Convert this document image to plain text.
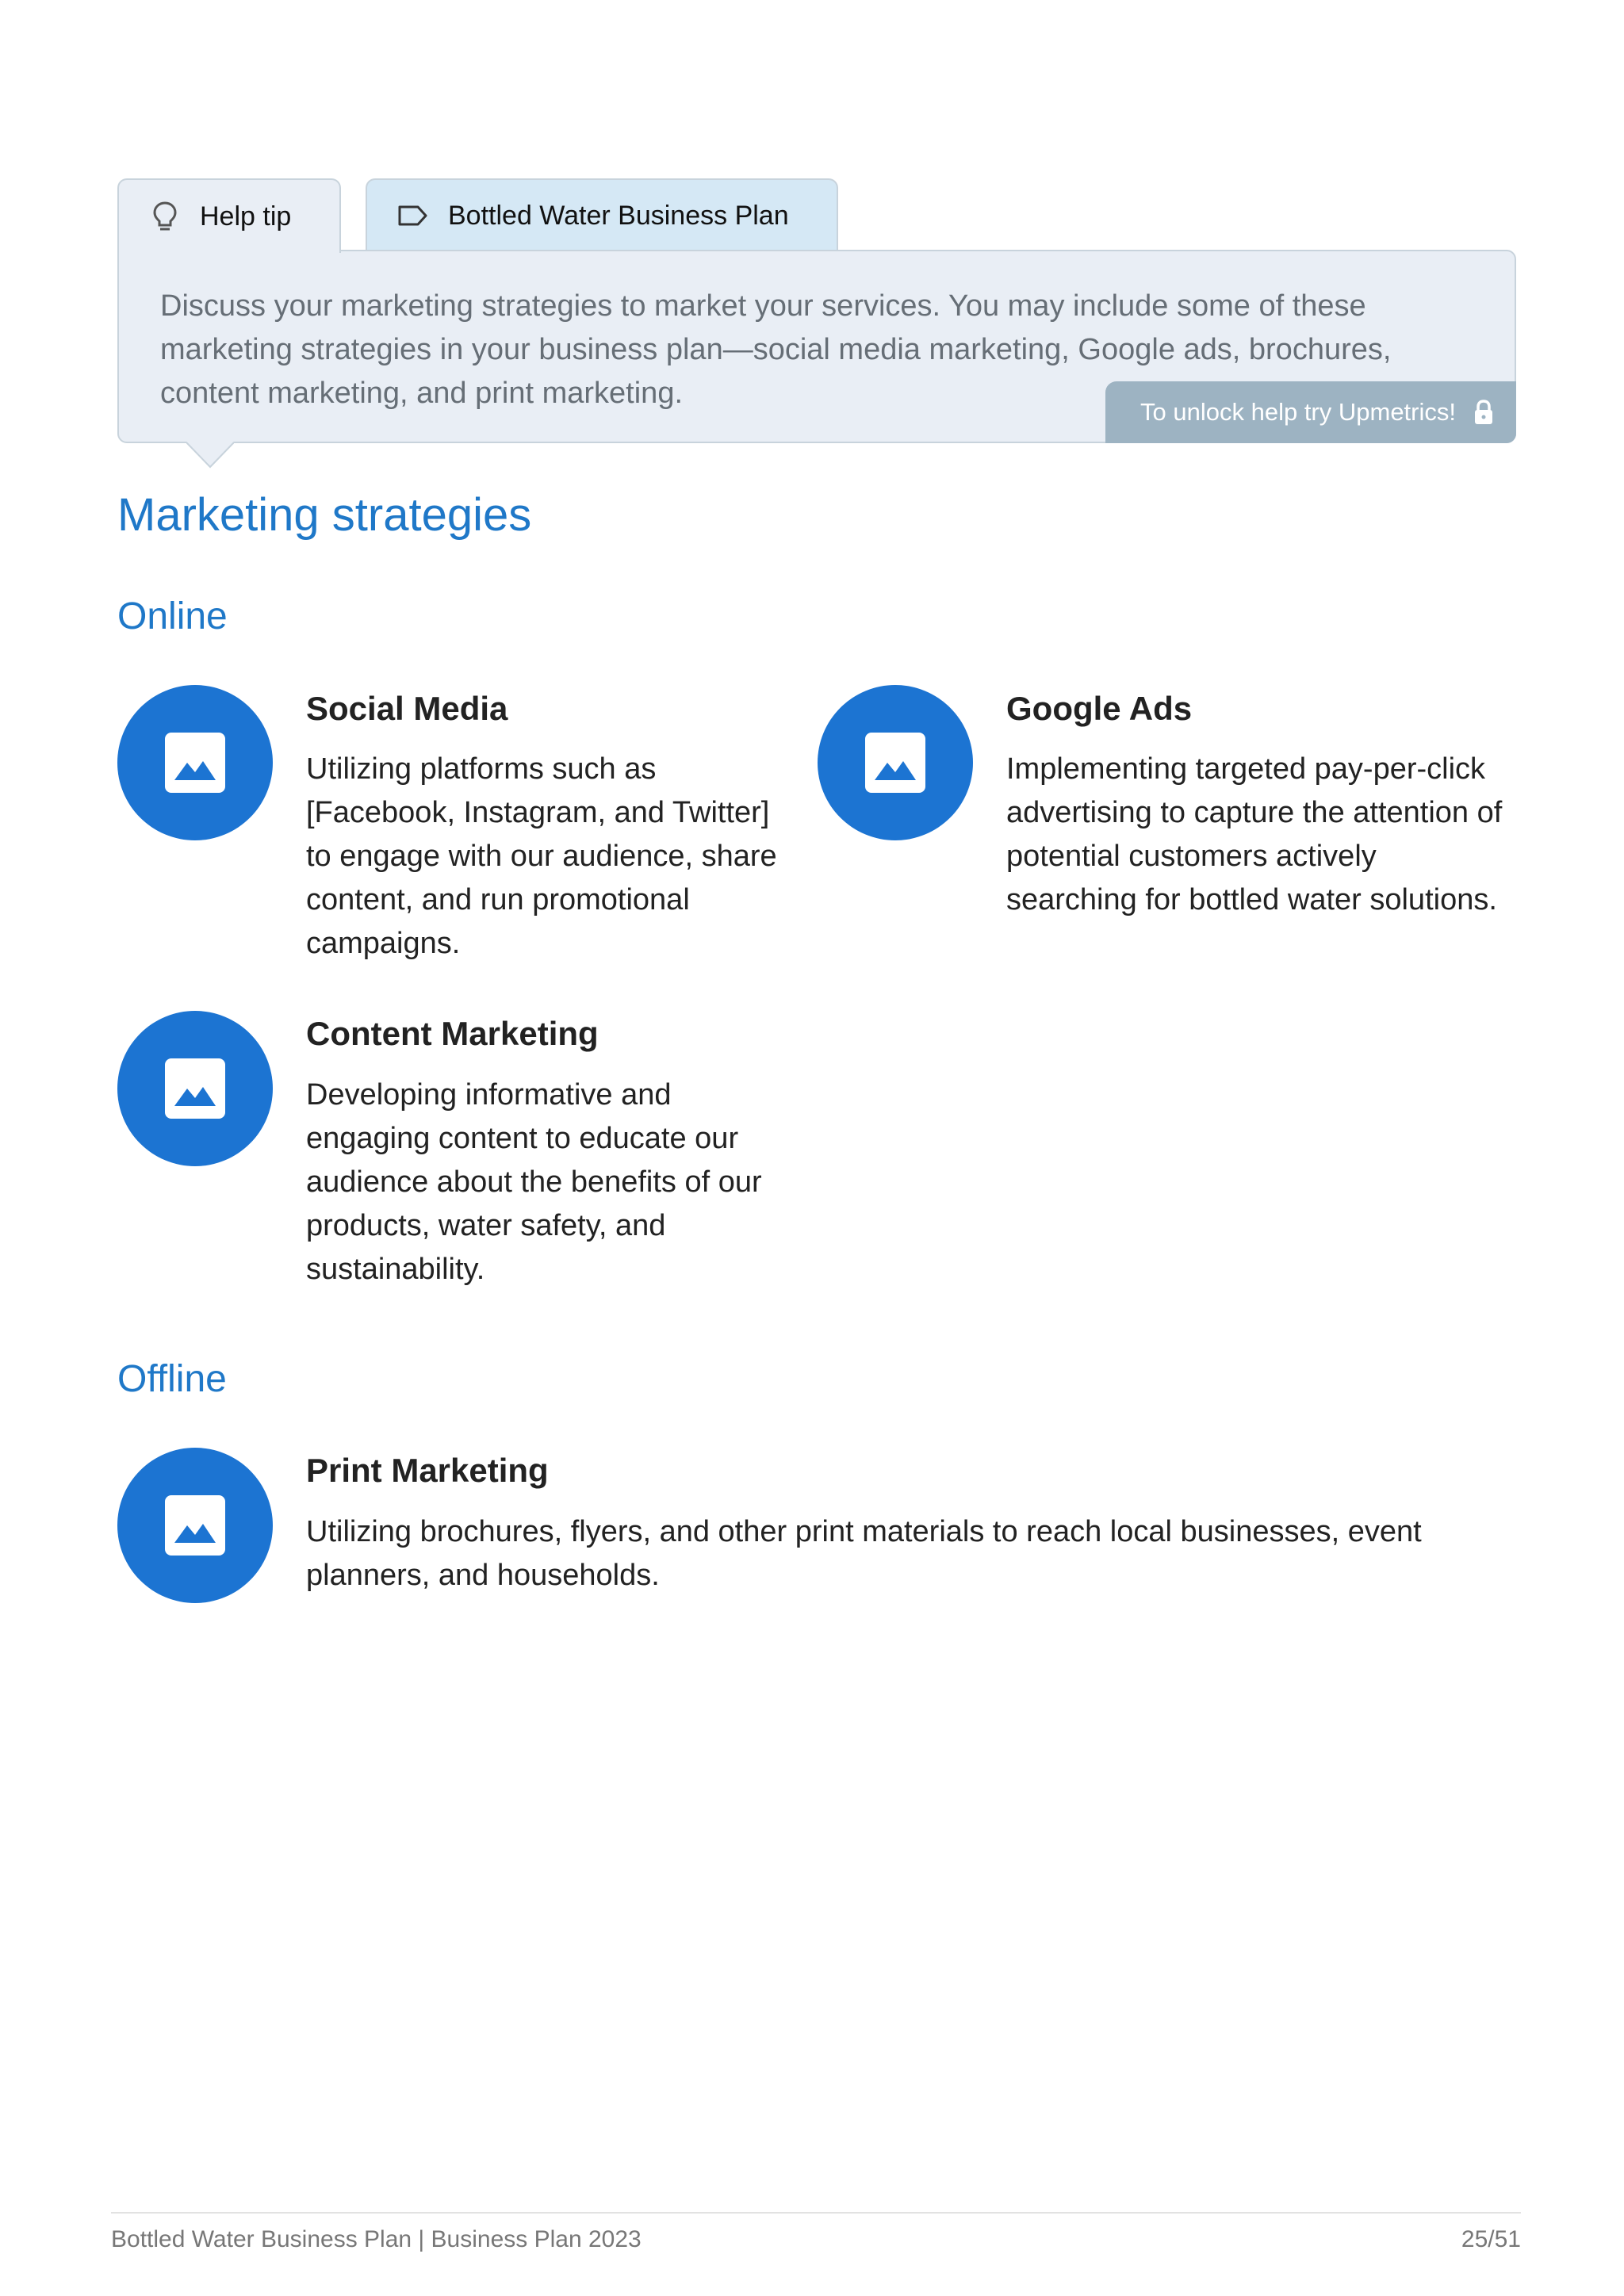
Help tip	Bottled Water Business Plan
Discuss your marketing strategies to market your services. You may include some of these marketing strategies in your business plan—social media marketing, Google ads, brochures, content marketing, and print marketing.
To unlock help try Upmetrics!
Marketing strategies
Online
Social Media
Utilizing platforms such as [Facebook, Instagram, and Twitter] to engage with our audience, share content, and run promotional campaigns.
Google Ads
Implementing targeted pay-per-click advertising to capture the attention of potential customers actively searching for bottled water solutions.
Content Marketing
Developing informative and engaging content to educate our audience about the benefits of our products, water safety, and sustainability.
Offline
Print Marketing
Utilizing brochures, flyers, and other print materials to reach local businesses, event planners, and households.
Bottled Water Business Plan | Business Plan 2023	25/51
